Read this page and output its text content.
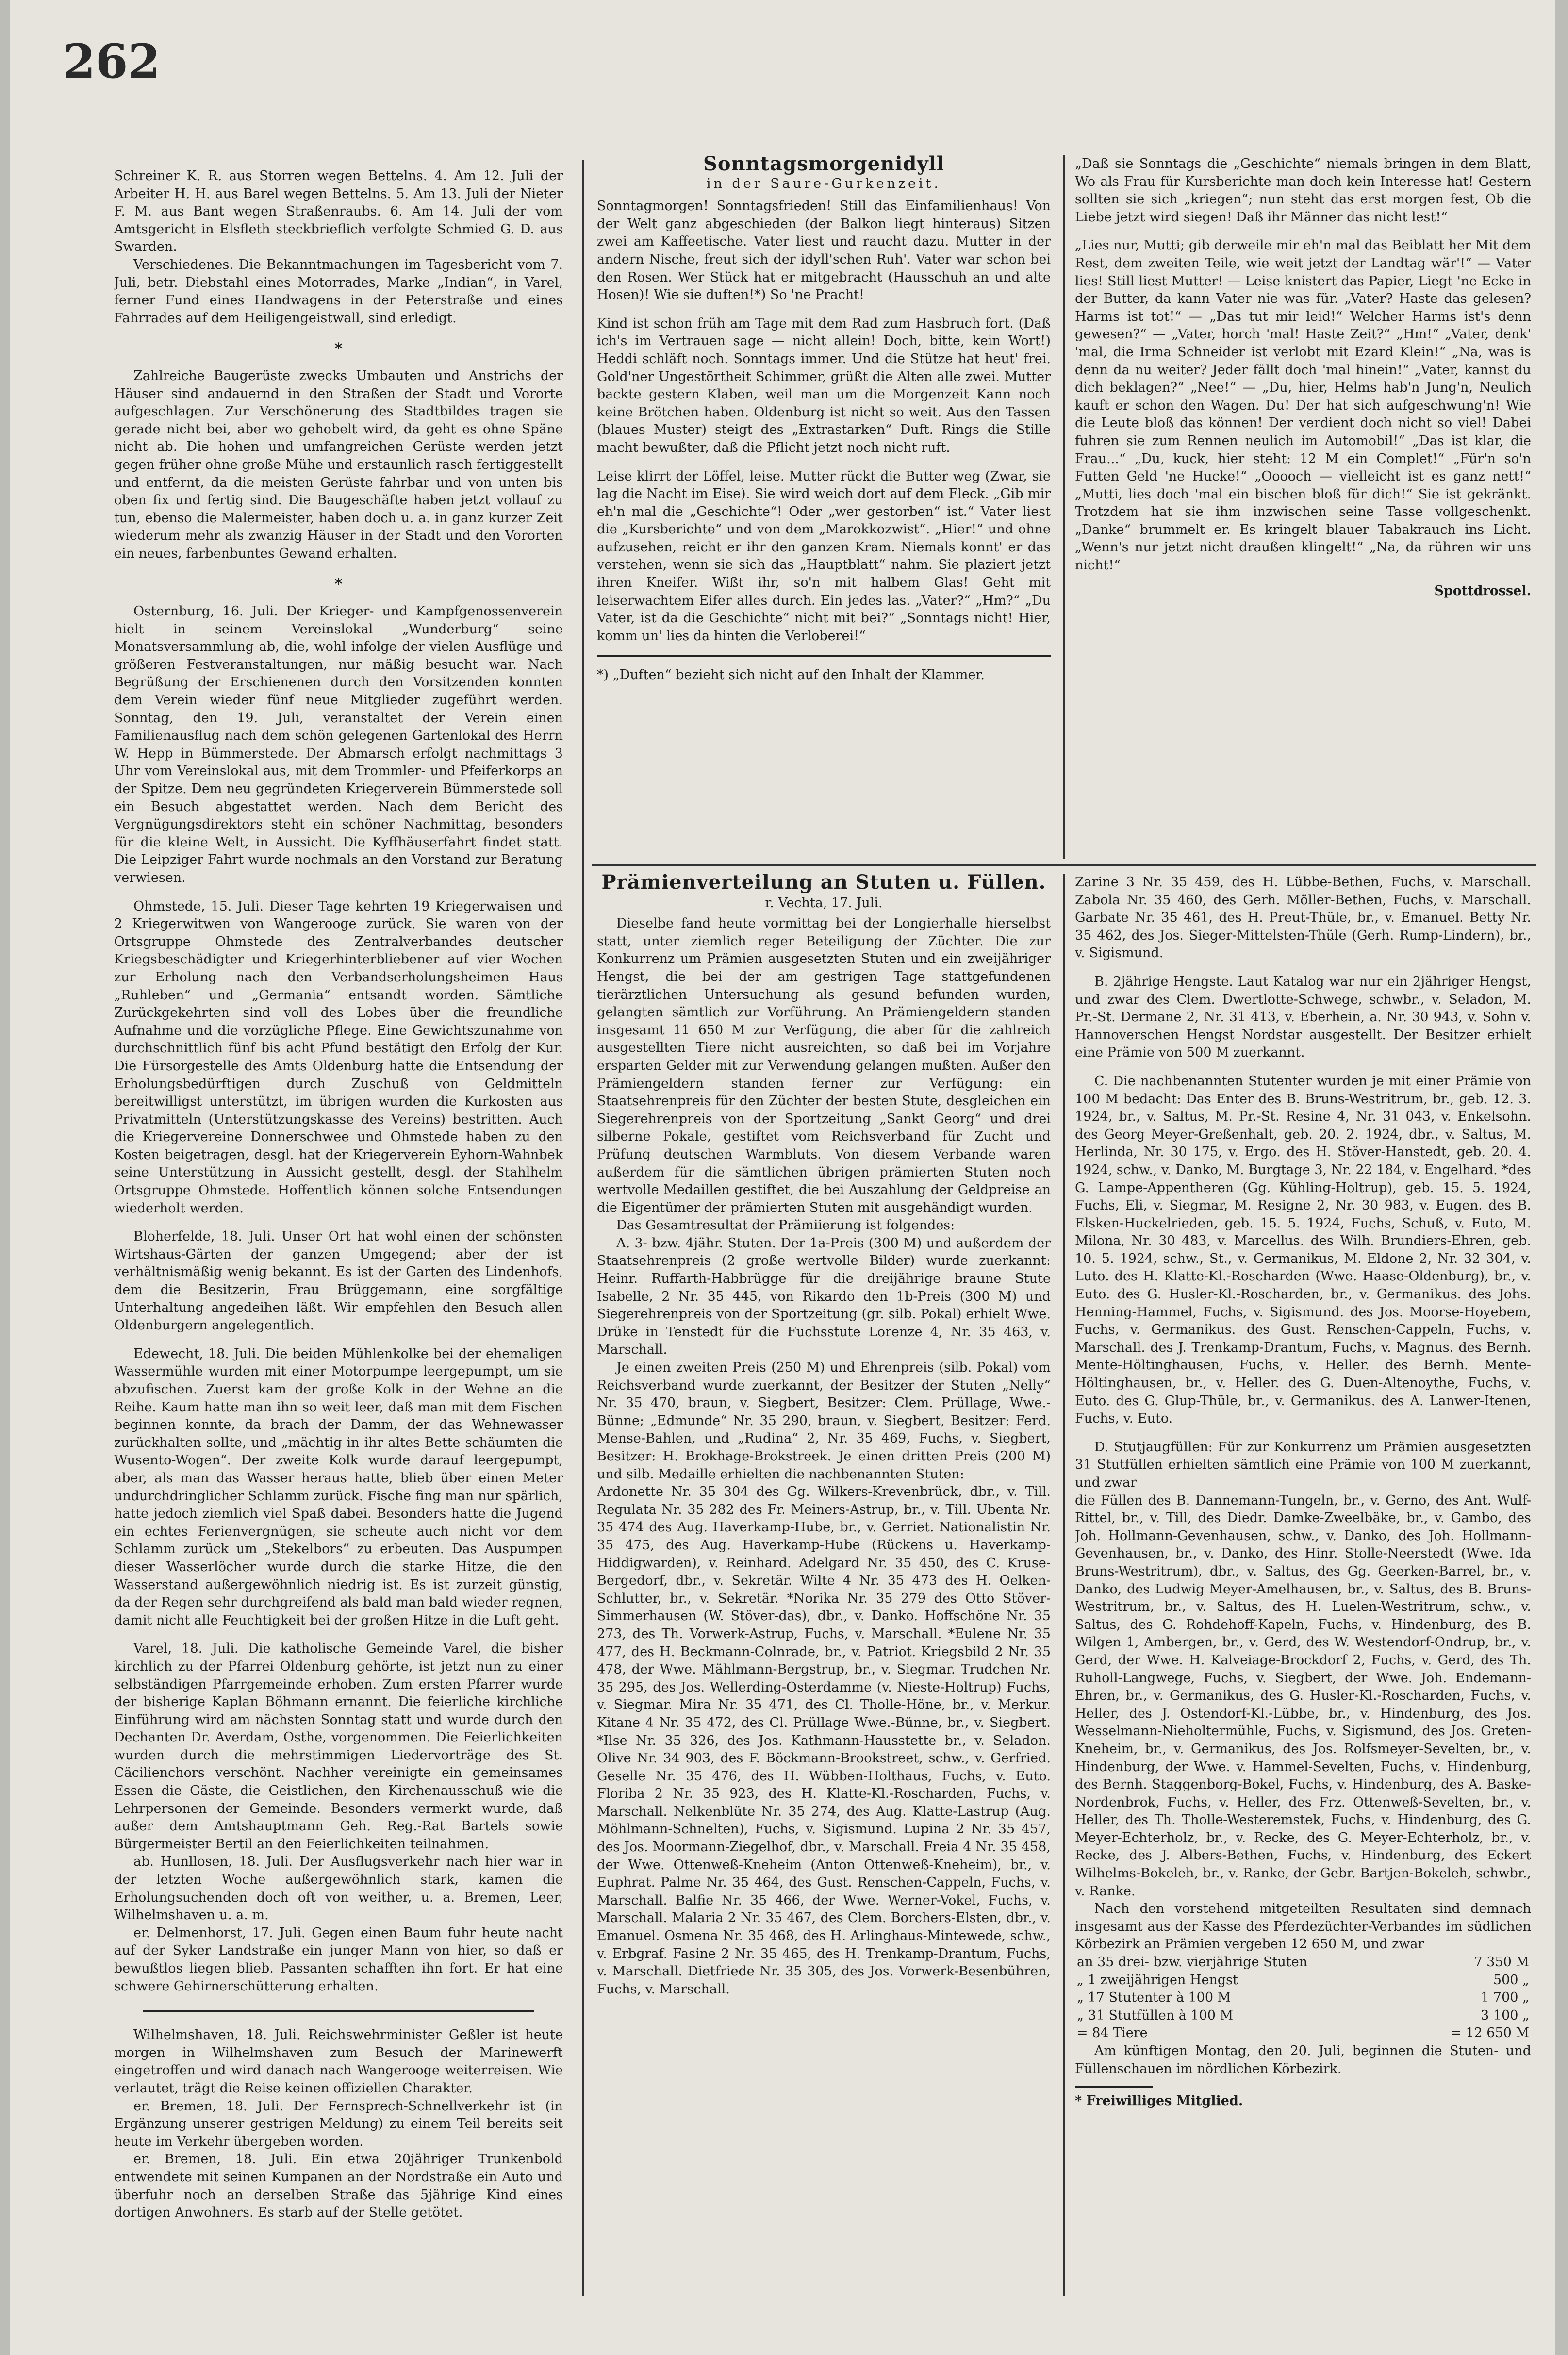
262

Schreiner K. R. aus Storren wegen Bettelns. 4. Am 12. Juli der Arbeiter H. H. aus Barel wegen Bettelns. 5. Am 13. Juli der Nieter F. M. aus Bant wegen Straßenraubs. 6. Am 14. Juli der vom Amtsgericht in Elsfleth steckbrieflich verfolgte Schmied G. D. aus Swarden.

Verschiedenes. Die Bekanntmachungen im Tagesbericht vom 7. Juli, betr. Diebstahl eines Motorrades, Marke „Indian“, in Varel, ferner Fund eines Handwagens in der Peterstraße und eines Fahrrades auf dem Heiligengeistwall, sind erledigt.

*

Zahlreiche Baugerüste zwecks Umbauten und Anstrichs der Häuser sind andauernd in den Straßen der Stadt und Vororte aufgeschlagen. Zur Verschönerung des Stadtbildes tragen sie gerade nicht bei, aber wo gehobelt wird, da geht es ohne Späne nicht ab. Die hohen und umfangreichen Gerüste werden jetzt gegen früher ohne große Mühe und erstaunlich rasch fertiggestellt und entfernt, da die meisten Gerüste fahrbar und von unten bis oben fix und fertig sind. Die Baugeschäfte haben jetzt vollauf zu tun, ebenso die Malermeister, haben doch u. a. in ganz kurzer Zeit wiederum mehr als zwanzig Häuser in der Stadt und den Vororten ein neues, farbenbuntes Gewand erhalten.

*

Osternburg, 16. Juli. Der Krieger- und Kampfgenossenverein hielt in seinem Vereinslokal „Wunderburg“ seine Monatsversammlung ab, die, wohl infolge der vielen Ausflüge und größeren Festveranstaltungen, nur mäßig besucht war. Nach Begrüßung der Erschienenen durch den Vorsitzenden konnten dem Verein wieder fünf neue Mitglieder zugeführt werden. Sonntag, den 19. Juli, veranstaltet der Verein einen Familienausflug nach dem schön gelegenen Gartenlokal des Herrn W. Hepp in Bümmerstede. Der Abmarsch erfolgt nachmittags 3 Uhr vom Vereinslokal aus, mit dem Trommler- und Pfeiferkorps an der Spitze. Dem neu gegründeten Kriegerverein Bümmerstede soll ein Besuch abgestattet werden. Nach dem Bericht des Vergnügungsdirektors steht ein schöner Nachmittag, besonders für die kleine Welt, in Aussicht. Die Kyffhäuserfahrt findet statt. Die Leipziger Fahrt wurde nochmals an den Vorstand zur Beratung verwiesen.

Ohmstede, 15. Juli. Dieser Tage kehrten 19 Kriegerwaisen und 2 Kriegerwitwen von Wangerooge zurück. Sie waren von der Ortsgruppe Ohmstede des Zentralverbandes deutscher Kriegsbeschädigter und Kriegerhinterbliebener auf vier Wochen zur Erholung nach den Verbandserholungsheimen Haus „Ruhleben“ und „Germania“ entsandt worden. Sämtliche Zurückgekehrten sind voll des Lobes über die freundliche Aufnahme und die vorzügliche Pflege. Eine Gewichtszunahme von durchschnittlich fünf bis acht Pfund bestätigt den Erfolg der Kur. Die Fürsorgestelle des Amts Oldenburg hatte die Entsendung der Erholungsbedürftigen durch Zuschuß von Geldmitteln bereitwilligst unterstützt, im übrigen wurden die Kurkosten aus Privatmitteln (Unterstützungskasse des Vereins) bestritten. Auch die Kriegervereine Donnerschwee und Ohmstede haben zu den Kosten beigetragen, desgl. hat der Kriegerverein Eyhorn-Wahnbek seine Unterstützung in Aussicht gestellt, desgl. der Stahlhelm Ortsgruppe Ohmstede. Hoffentlich können solche Entsendungen wiederholt werden.

Bloherfelde, 18. Juli. Unser Ort hat wohl einen der schönsten Wirtshaus-Gärten der ganzen Umgegend; aber der ist verhältnismäßig wenig bekannt. Es ist der Garten des Lindenhofs, dem die Besitzerin, Frau Brüggemann, eine sorgfältige Unterhaltung angedeihen läßt. Wir empfehlen den Besuch allen Oldenburgern angelegentlich.

Edewecht, 18. Juli. Die beiden Mühlenkolke bei der ehemaligen Wassermühle wurden mit einer Motorpumpe leergepumpt, um sie abzufischen. Zuerst kam der große Kolk in der Wehne an die Reihe. Kaum hatte man ihn so weit leer, daß man mit dem Fischen beginnen konnte, da brach der Damm, der das Wehnewasser zurückhalten sollte, und „mächtig in ihr altes Bette schäumten die Wusento-Wogen“. Der zweite Kolk wurde darauf leergepumpt, aber, als man das Wasser heraus hatte, blieb über einen Meter undurchdringlicher Schlamm zurück. Fische fing man nur spärlich, hatte jedoch ziemlich viel Spaß dabei. Besonders hatte die Jugend ein echtes Ferienvergnügen, sie scheute auch nicht vor dem Schlamm zurück um „Stekelbors“ zu erbeuten. Das Auspumpen dieser Wasserlöcher wurde durch die starke Hitze, die den Wasserstand außergewöhnlich niedrig ist. Es ist zurzeit günstig, da der Regen sehr durchgreifend als bald man bald wieder regnen, damit nicht alle Feuchtigkeit bei der großen Hitze in die Luft geht.

Varel, 18. Juli. Die katholische Gemeinde Varel, die bisher kirchlich zu der Pfarrei Oldenburg gehörte, ist jetzt nun zu einer selbständigen Pfarrgemeinde erhoben. Zum ersten Pfarrer wurde der bisherige Kaplan Böhmann ernannt. Die feierliche kirchliche Einführung wird am nächsten Sonntag statt und wurde durch den Dechanten Dr. Averdam, Osthe, vorgenommen. Die Feierlichkeiten wurden durch die mehrstimmigen Liedervorträge des St. Cäcilienchors verschönt. Nachher vereinigte ein gemeinsames Essen die Gäste, die Geistlichen, den Kirchenausschuß wie die Lehrpersonen der Gemeinde. Besonders vermerkt wurde, daß außer dem Amtshauptmann Geh. Reg.-Rat Bartels sowie Bürgermeister Bertil an den Feierlichkeiten teilnahmen.

ab. Hunllosen, 18. Juli. Der Ausflugsverkehr nach hier war in der letzten Woche außergewöhnlich stark, kamen die Erholungsuchenden doch oft von weither, u. a. Bremen, Leer, Wilhelmshaven u. a. m.

er. Delmenhorst, 17. Juli. Gegen einen Baum fuhr heute nacht auf der Syker Landstraße ein junger Mann von hier, so daß er bewußtlos liegen blieb. Passanten schafften ihn fort. Er hat eine schwere Gehirnerschütterung erhalten.

Wilhelmshaven, 18. Juli. Reichswehrminister Geßler ist heute morgen in Wilhelmshaven zum Besuch der Marinewerft eingetroffen und wird danach nach Wangerooge weiterreisen. Wie verlautet, trägt die Reise keinen offiziellen Charakter.

er. Bremen, 18. Juli. Der Fernsprech-Schnellverkehr ist (in Ergänzung unserer gestrigen Meldung) zu einem Teil bereits seit heute im Verkehr übergeben worden.

er. Bremen, 18. Juli. Ein etwa 20jähriger Trunkenbold entwendete mit seinen Kumpanen an der Nordstraße ein Auto und überfuhr noch an derselben Straße das 5jährige Kind eines dortigen Anwohners. Es starb auf der Stelle getötet.

Sonntagsmorgenidyll
in der Saure-Gurkenzeit.

Sonntagmorgen! Sonntagsfrieden! Still das Einfamilienhaus! Von der Welt ganz abgeschieden (der Balkon liegt hinteraus) Sitzen zwei am Kaffeetische. Vater liest und raucht dazu. Mutter in der andern Nische, freut sich der idyll'schen Ruh'. Vater war schon bei den Rosen. Wer Stück hat er mitgebracht (Hausschuh an und alte Hosen)! Wie sie duften!*) So 'ne Pracht!

Kind ist schon früh am Tage mit dem Rad zum Hasbruch fort. (Daß ich's im Vertrauen sage — nicht allein! Doch, bitte, kein Wort!) Heddi schläft noch. Sonntags immer. Und die Stütze hat heut' frei. Gold'ner Ungestörtheit Schimmer, grüßt die Alten alle zwei. Mutter backte gestern Klaben, weil man um die Morgenzeit Kann noch keine Brötchen haben. Oldenburg ist nicht so weit. Aus den Tassen (blaues Muster) steigt des „Extrastarken“ Duft. Rings die Stille macht bewußter, daß die Pflicht jetzt noch nicht ruft.

Leise klirrt der Löffel, leise. Mutter rückt die Butter weg (Zwar, sie lag die Nacht im Eise). Sie wird weich dort auf dem Fleck. „Gib mir eh'n mal die „Geschichte“! Oder „wer gestorben“ ist.“ Vater liest die „Kursberichte“ und von dem „Marokkozwist“. „Hier!“ und ohne aufzusehen, reicht er ihr den ganzen Kram. Niemals konnt' er das verstehen, wenn sie sich das „Hauptblatt“ nahm. Sie plaziert jetzt ihren Kneifer. Wißt ihr, so'n mit halbem Glas! Geht mit leiserwachtem Eifer alles durch. Ein jedes las. „Vater?“ „Hm?“ „Du Vater, ist da die Geschichte“ nicht mit bei?“ „Sonntags nicht! Hier, komm un' lies da hinten die Verloberei!“

*) „Duften“ bezieht sich nicht auf den Inhalt der Klammer.

„Daß sie Sonntags die „Geschichte“ niemals bringen in dem Blatt, Wo als Frau für Kursberichte man doch kein Interesse hat! Gestern sollten sie sich „kriegen“; nun steht das erst morgen fest, Ob die Liebe jetzt wird siegen! Daß ihr Männer das nicht lest!“

„Lies nur, Mutti; gib derweile mir eh'n mal das Beiblatt her Mit dem Rest, dem zweiten Teile, wie weit jetzt der Landtag wär'!“ — Vater lies! Still liest Mutter! — Leise knistert das Papier, Liegt 'ne Ecke in der Butter, da kann Vater nie was für. „Vater? Haste das gelesen? Harms ist tot!“ — „Das tut mir leid!“ Welcher Harms ist's denn gewesen?“ — „Vater, horch 'mal! Haste Zeit?“ „Hm!“ „Vater, denk' 'mal, die Irma Schneider ist verlobt mit Ezard Klein!“ „Na, was is denn da nu weiter? Jeder fällt doch 'mal hinein!“ „Vater, kannst du dich beklagen?“ „Nee!“ — „Du, hier, Helms hab'n Jung'n, Neulich kauft er schon den Wagen. Du! Der hat sich aufgeschwung'n! Wie die Leute bloß das können! Der verdient doch nicht so viel! Dabei fuhren sie zum Rennen neulich im Automobil!“ „Das ist klar, die Frau...“ „Du, kuck, hier steht: 12 M ein Complet!“ „Für'n so'n Futten Geld 'ne Hucke!“ „Ooooch — vielleicht ist es ganz nett!“ „Mutti, lies doch 'mal ein bischen bloß für dich!“ Sie ist gekränkt. Trotzdem hat sie ihm inzwischen seine Tasse vollgeschenkt. „Danke“ brummelt er. Es kringelt blauer Tabakrauch ins Licht. „Wenn's nur jetzt nicht draußen klingelt!“ „Na, da rühren wir uns nicht!“

Spottdrossel.
Prämienverteilung an Stuten u. Füllen.
r. Vechta, 17. Juli.

Dieselbe fand heute vormittag bei der Longierhalle hierselbst statt, unter ziemlich reger Beteiligung der Züchter. Die zur Konkurrenz um Prämien ausgesetzten Stuten und ein zweijähriger Hengst, die bei der am gestrigen Tage stattgefundenen tierärztlichen Untersuchung als gesund befunden wurden, gelangten sämtlich zur Vorführung. An Prämiengeldern standen insgesamt 11 650 M zur Verfügung, die aber für die zahlreich ausgestellten Tiere nicht ausreichten, so daß bei im Vorjahre ersparten Gelder mit zur Verwendung gelangen mußten. Außer den Prämiengeldern standen ferner zur Verfügung: ein Staatsehrenpreis für den Züchter der besten Stute, desgleichen ein Siegerehrenpreis von der Sportzeitung „Sankt Georg“ und drei silberne Pokale, gestiftet vom Reichsverband für Zucht und Prüfung deutschen Warmbluts. Von diesem Verbande waren außerdem für die sämtlichen übrigen prämierten Stuten noch wertvolle Medaillen gestiftet, die bei Auszahlung der Geldpreise an die Eigentümer der prämierten Stuten mit ausgehändigt wurden.

Das Gesamtresultat der Prämiierung ist folgendes:

A. 3- bzw. 4jähr. Stuten. Der 1a-Preis (300 M) und außerdem der Staatsehrenpreis (2 große wertvolle Bilder) wurde zuerkannt: Heinr. Ruffarth-Habbrügge für die dreijährige braune Stute Isabelle, 2 Nr. 35 445, von Rikardo den 1b-Preis (300 M) und Siegerehrenpreis von der Sportzeitung (gr. silb. Pokal) erhielt Wwe. Drüke in Tenstedt für die Fuchsstute Lorenze 4, Nr. 35 463, v. Marschall.

Je einen zweiten Preis (250 M) und Ehrenpreis (silb. Pokal) vom Reichsverband wurde zuerkannt, der Besitzer der Stuten „Nelly“ Nr. 35 470, braun, v. Siegbert, Besitzer: Clem. Prüllage, Wwe.-Bünne; „Edmunde“ Nr. 35 290, braun, v. Siegbert, Besitzer: Ferd. Mense-Bahlen, und „Rudina“ 2, Nr. 35 469, Fuchs, v. Siegbert, Besitzer: H. Brokhage-Brokstreek. Je einen dritten Preis (200 M) und silb. Medaille erhielten die nachbenannten Stuten:

Ardonette Nr. 35 304 des Gg. Wilkers-Krevenbrück, dbr., v. Till. Regulata Nr. 35 282 des Fr. Meiners-Astrup, br., v. Till. Ubenta Nr. 35 474 des Aug. Haverkamp-Hube, br., v. Gerriet. Nationalistin Nr. 35 475, des Aug. Haverkamp-Hube (Rückens u. Haverkamp-Hiddigwarden), v. Reinhard. Adelgard Nr. 35 450, des C. Kruse-Bergedorf, dbr., v. Sekretär. Wilte 4 Nr. 35 473 des H. Oelken-Schlutter, br., v. Sekretär. *Norika Nr. 35 279 des Otto Stöver-Simmerhausen (W. Stöver-das), dbr., v. Danko. Hoffschöne Nr. 35 273, des Th. Vorwerk-Astrup, Fuchs, v. Marschall. *Eulene Nr. 35 477, des H. Beckmann-Colnrade, br., v. Patriot. Kriegsbild 2 Nr. 35 478, der Wwe. Mählmann-Bergstrup, br., v. Siegmar. Trudchen Nr. 35 295, des Jos. Wellerding-Osterdamme (v. Nieste-Holtrup) Fuchs, v. Siegmar. Mira Nr. 35 471, des Cl. Tholle-Höne, br., v. Merkur. Kitane 4 Nr. 35 472, des Cl. Prüllage Wwe.-Bünne, br., v. Siegbert. *Ilse Nr. 35 326, des Jos. Kathmann-Hausstette br., v. Seladon. Olive Nr. 34 903, des F. Böckmann-Brookstreet, schw., v. Gerfried. Geselle Nr. 35 476, des H. Wübben-Holthaus, Fuchs, v. Euto. Floriba 2 Nr. 35 923, des H. Klatte-Kl.-Roscharden, Fuchs, v. Marschall. Nelkenblüte Nr. 35 274, des Aug. Klatte-Lastrup (Aug. Möhlmann-Schnelten), Fuchs, v. Sigismund. Lupina 2 Nr. 35 457, des Jos. Moormann-Ziegelhof, dbr., v. Marschall. Freia 4 Nr. 35 458, der Wwe. Ottenweß-Kneheim (Anton Ottenweß-Kneheim), br., v. Euphrat. Palme Nr. 35 464, des Gust. Renschen-Cappeln, Fuchs, v. Marschall. Balfie Nr. 35 466, der Wwe. Werner-Vokel, Fuchs, v. Marschall. Malaria 2 Nr. 35 467, des Clem. Borchers-Elsten, dbr., v. Emanuel. Osmena Nr. 35 468, des H. Arlinghaus-Mintewede, schw., v. Erbgraf. Fasine 2 Nr. 35 465, des H. Trenkamp-Drantum, Fuchs, v. Marschall. Dietfriede Nr. 35 305, des Jos. Vorwerk-Besenbühren, Fuchs, v. Marschall.

Zarine 3 Nr. 35 459, des H. Lübbe-Bethen, Fuchs, v. Marschall. Zabola Nr. 35 460, des Gerh. Möller-Bethen, Fuchs, v. Marschall. Garbate Nr. 35 461, des H. Preut-Thüle, br., v. Emanuel. Betty Nr. 35 462, des Jos. Sieger-Mittelsten-Thüle (Gerh. Rump-Lindern), br., v. Sigismund.

B. 2jährige Hengste. Laut Katalog war nur ein 2jähriger Hengst, und zwar des Clem. Dwertlotte-Schwege, schwbr., v. Seladon, M. Pr.-St. Dermane 2, Nr. 31 413, v. Eberhein, a. Nr. 30 943, v. Sohn v. Hannoverschen Hengst Nordstar ausgestellt. Der Besitzer erhielt eine Prämie von 500 M zuerkannt.

C. Die nachbenannten Stutenter wurden je mit einer Prämie von 100 M bedacht: Das Enter des B. Bruns-Westritrum, br., geb. 12. 3. 1924, br., v. Saltus, M. Pr.-St. Resine 4, Nr. 31 043, v. Enkelsohn. des Georg Meyer-Greßenhalt, geb. 20. 2. 1924, dbr., v. Saltus, M. Herlinda, Nr. 30 175, v. Ergo. des H. Stöver-Hanstedt, geb. 20. 4. 1924, schw., v. Danko, M. Burgtage 3, Nr. 22 184, v. Engelhard. *des G. Lampe-Appentheren (Gg. Kühling-Holtrup), geb. 15. 5. 1924, Fuchs, Eli, v. Siegmar, M. Resigne 2, Nr. 30 983, v. Eugen. des B. Elsken-Huckelrieden, geb. 15. 5. 1924, Fuchs, Schuß, v. Euto, M. Milona, Nr. 30 483, v. Marcellus. des Wilh. Brundiers-Ehren, geb. 10. 5. 1924, schw., St., v. Germanikus, M. Eldone 2, Nr. 32 304, v. Luto. des H. Klatte-Kl.-Roscharden (Wwe. Haase-Oldenburg), br., v. Euto. des G. Husler-Kl.-Roscharden, br., v. Germanikus. des Johs. Henning-Hammel, Fuchs, v. Sigismund. des Jos. Moorse-Hoyebem, Fuchs, v. Germanikus. des Gust. Renschen-Cappeln, Fuchs, v. Marschall. des J. Trenkamp-Drantum, Fuchs, v. Magnus. des Bernh. Mente-Höltinghausen, Fuchs, v. Heller. des Bernh. Mente-Höltinghausen, br., v. Heller. des G. Duen-Altenoythe, Fuchs, v. Euto. des G. Glup-Thüle, br., v. Germanikus. des A. Lanwer-Itenen, Fuchs, v. Euto.

D. Stutjaugfüllen: Für zur Konkurrenz um Prämien ausgesetzten 31 Stutfüllen erhielten sämtlich eine Prämie von 100 M zuerkannt, und zwar

die Füllen des B. Dannemann-Tungeln, br., v. Gerno, des Ant. Wulf-Rittel, br., v. Till, des Diedr. Damke-Zweelbäke, br., v. Gambo, des Joh. Hollmann-Gevenhausen, schw., v. Danko, des Joh. Hollmann-Gevenhausen, br., v. Danko, des Hinr. Stolle-Neerstedt (Wwe. Ida Bruns-Westritrum), dbr., v. Saltus, des Gg. Geerken-Barrel, br., v. Danko, des Ludwig Meyer-Amelhausen, br., v. Saltus, des B. Bruns-Westritrum, br., v. Saltus, des H. Luelen-Westritrum, schw., v. Saltus, des G. Rohdehoff-Kapeln, Fuchs, v. Hindenburg, des B. Wilgen 1, Ambergen, br., v. Gerd, des W. Westendorf-Ondrup, br., v. Gerd, der Wwe. H. Kalveiage-Brockdorf 2, Fuchs, v. Gerd, des Th. Ruholl-Langwege, Fuchs, v. Siegbert, der Wwe. Joh. Endemann-Ehren, br., v. Germanikus, des G. Husler-Kl.-Roscharden, Fuchs, v. Heller, des J. Ostendorf-Kl.-Lübbe, br., v. Hindenburg, des Jos. Wesselmann-Nieholtermühle, Fuchs, v. Sigismund, des Jos. Greten-Kneheim, br., v. Germanikus, des Jos. Rolfsmeyer-Sevelten, br., v. Hindenburg, der Wwe. v. Hammel-Sevelten, Fuchs, v. Hindenburg, des Bernh. Staggenborg-Bokel, Fuchs, v. Hindenburg, des A. Baske-Nordenbrok, Fuchs, v. Heller, des Frz. Ottenweß-Sevelten, br., v. Heller, des Th. Tholle-Westeremstek, Fuchs, v. Hindenburg, des G. Meyer-Echterholz, br., v. Recke, des G. Meyer-Echterholz, br., v. Recke, des J. Albers-Bethen, Fuchs, v. Hindenburg, des Eckert Wilhelms-Bokeleh, br., v. Ranke, der Gebr. Bartjen-Bokeleh, schwbr., v. Ranke.

Nach den vorstehend mitgeteilten Resultaten sind demnach insgesamt aus der Kasse des Pferdezüchter-Verbandes im südlichen Körbezirk an Prämien vergeben 12 650 M, und zwar

an 35 drei- bzw. vierjährige Stuten	7 350 M
„ 1 zweijährigen Hengst	500 „
„ 17 Stutenter à 100 M	1 700 „
„ 31 Stutfüllen à 100 M	3 100 „
= 84 Tiere	= 12 650 M

Am künftigen Montag, den 20. Juli, beginnen die Stuten- und Füllenschauen im nördlichen Körbezirk.

* Freiwilliges Mitglied.
